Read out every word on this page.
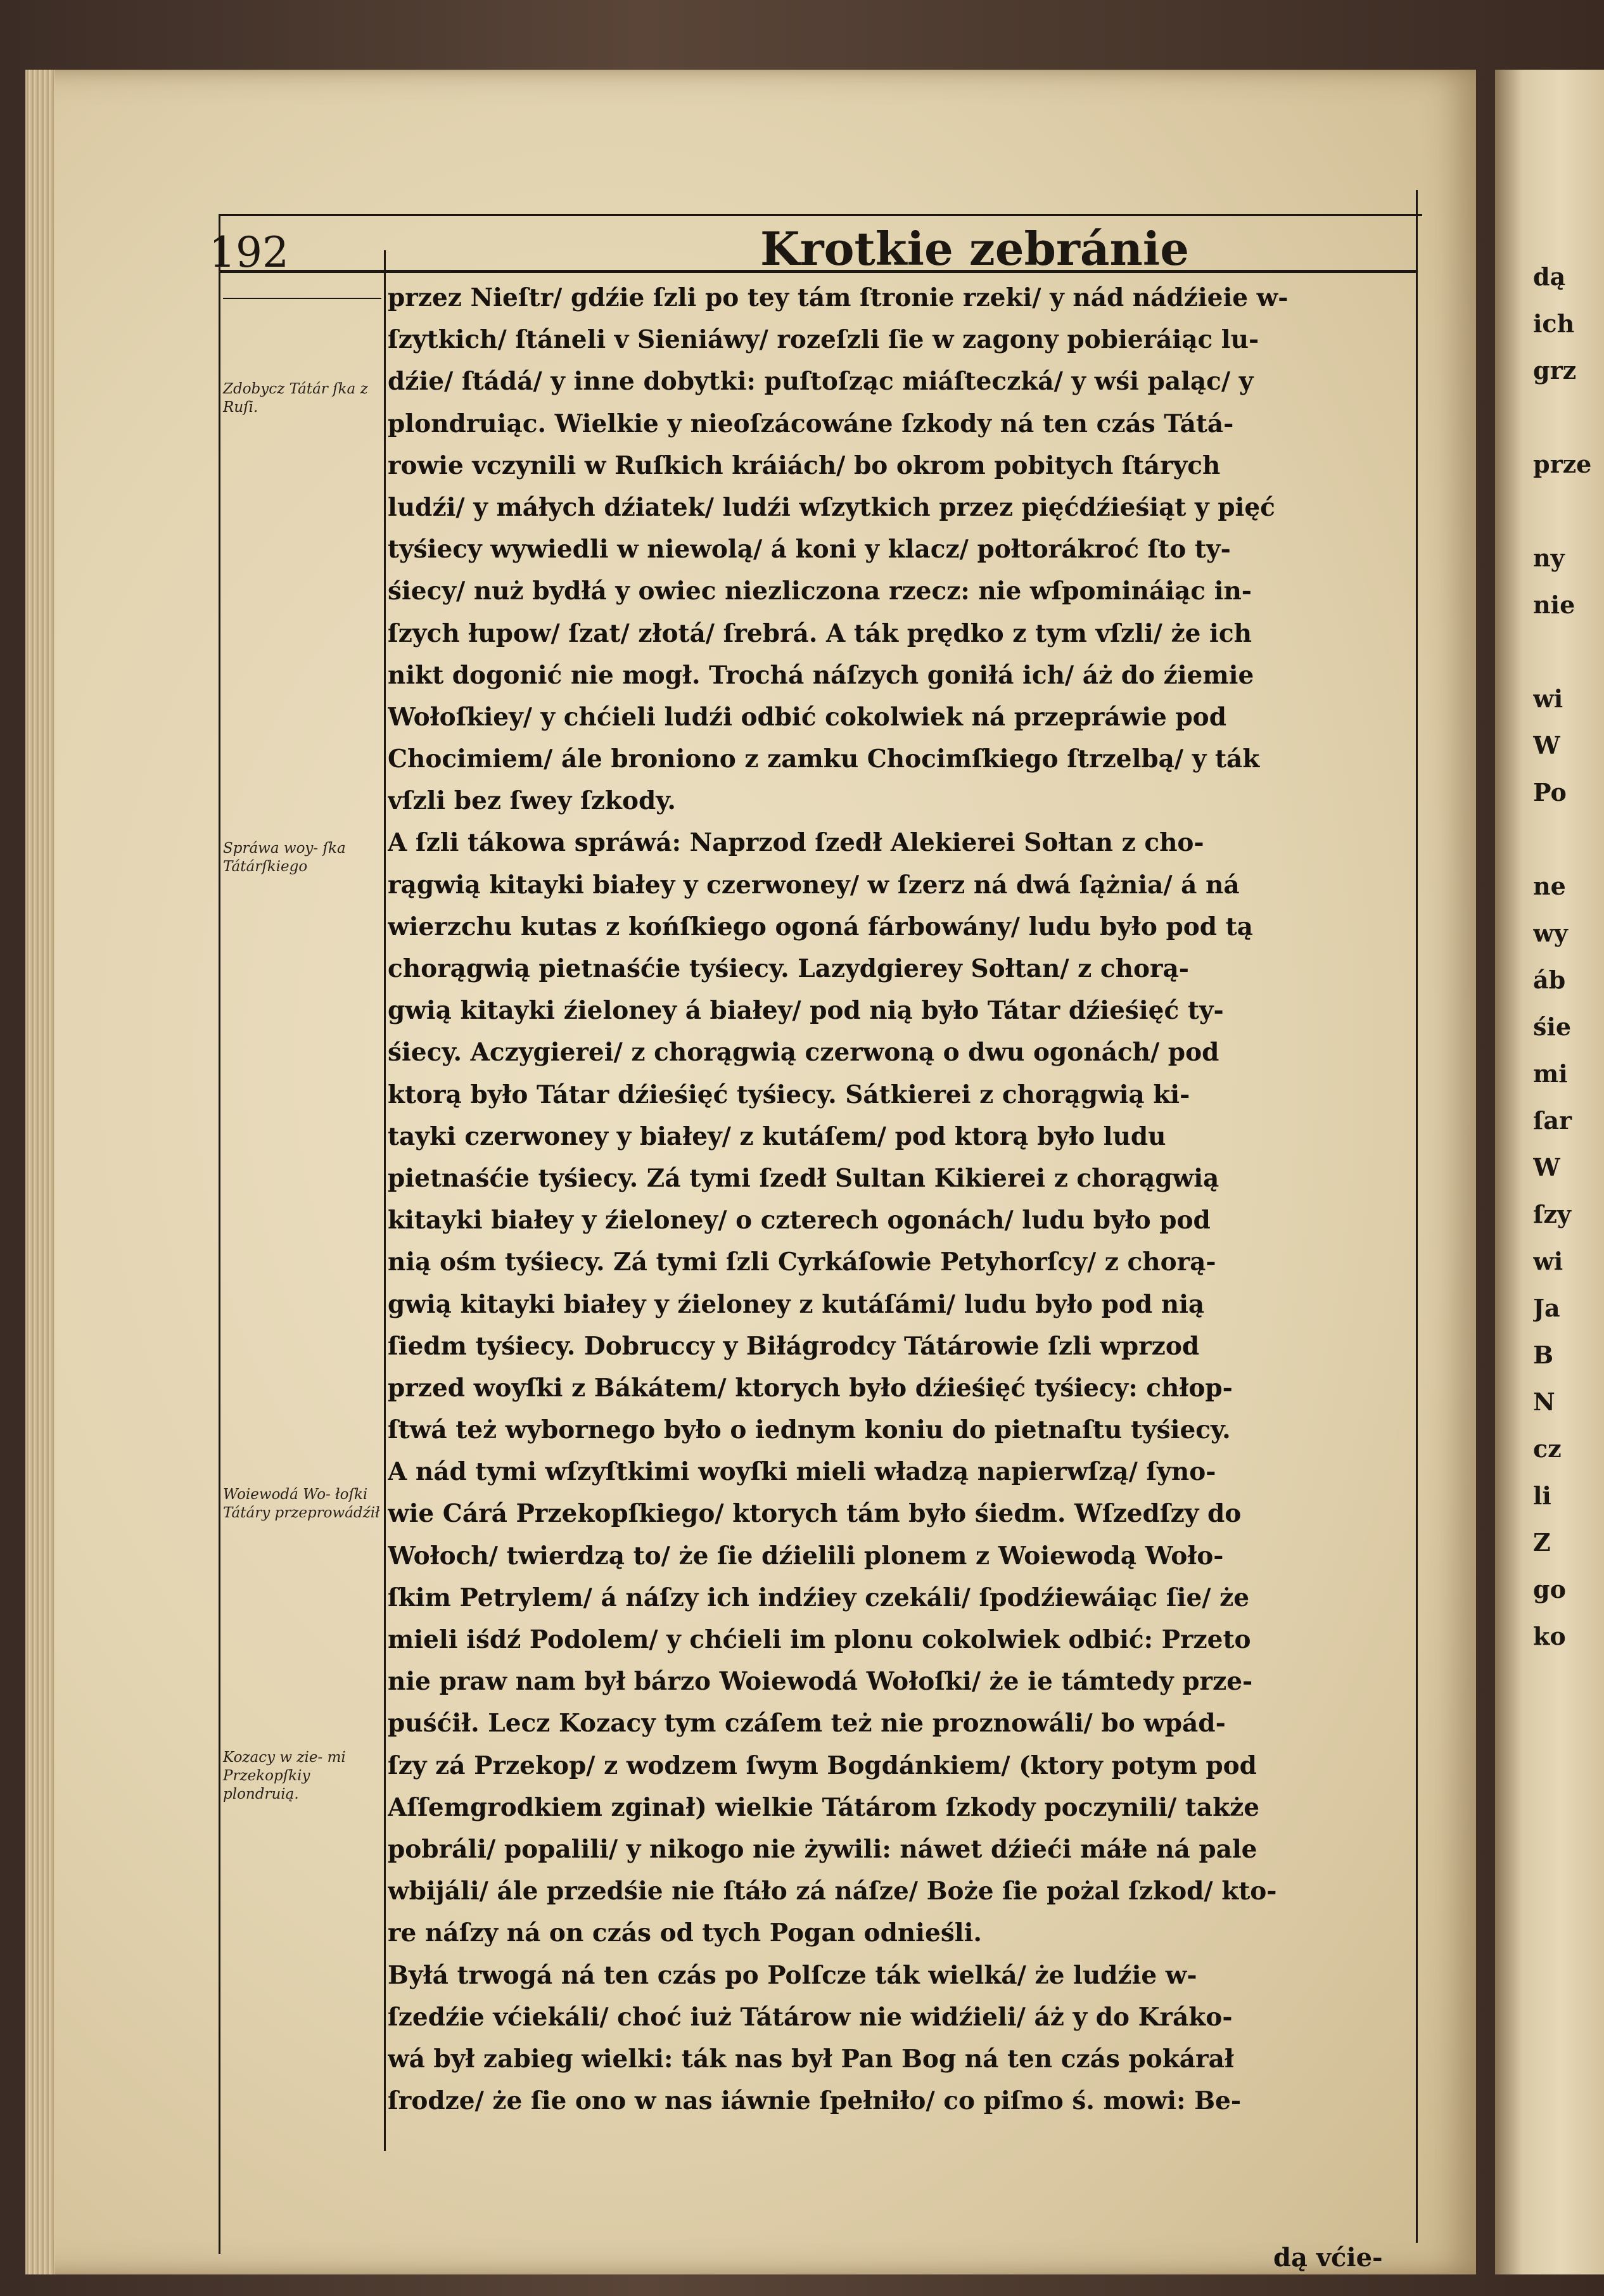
dą
ich
grz
prze
ny
nie
wi
W
Po
ne
wy
áb
śie
mi
ſar
W
ſzy
wi
Ja
B
N
cz
li
Z
go
ko
192	Krotkie zebránie
Zdobycz Tátár ſka z Ruſi.
Spráwa woy- ſka Tátárſkiego
Woiewodá Wo- łoſki Tátáry przeprowádźił
Kozacy w zie- mi Przekopſkiy plondruią.
przez Nieſtr/ gdźie ſzli po tey tám ſtronie rzeki/ y nád nádźieie w-
ſzytkich/ ſtáneli v Sieniáwy/ rozeſzli ſie w zagony pobieráiąc lu-
dźie/ ſtádá/ y inne dobytki: puſtoſząc miáſteczká/ y wśi paląc/ y
plondruiąc. Wielkie y nieoſzácowáne ſzkody ná ten czás Tátá-
rowie vczynili w Ruſkich kráiách/ bo okrom pobitych ſtárych
ludźi/ y máłych dźiatek/ ludźi wſzytkich przez pięćdźieśiąt y pięć
tyśiecy wywiedli w niewolą/ á koni y klacz/ połtorákroć ſto ty-
śiecy/ nuż bydłá y owiec niezliczona rzecz: nie wſpomináiąc in-
ſzych łupow/ ſzat/ złotá/ ſrebrá. A ták prędko z tym vſzli/ że ich
nikt dogonić nie mogł. Trochá náſzych goniłá ich/ áż do źiemie
Wołoſkiey/ y chćieli ludźi odbić cokolwiek ná przepráwie pod
Chocimiem/ ále broniono z zamku Chocimſkiego ſtrzelbą/ y ták
vſzli bez ſwey ſzkody.
A ſzli tákowa spráwá: Naprzod ſzedł Alekierei Sołtan z cho-
rągwią kitayki białey y czerwoney/ w ſzerz ná dwá ſążnia/ á ná
wierzchu kutas z końſkiego ogoná fárbowány/ ludu było pod tą
chorągwią pietnaśćie tyśiecy. Lazydgierey Sołtan/ z chorą-
gwią kitayki źieloney á białey/ pod nią było Tátar dźieśięć ty-
śiecy. Aczygierei/ z chorągwią czerwoną o dwu ogonách/ pod
ktorą było Tátar dźieśięć tyśiecy. Sátkierei z chorągwią ki-
tayki czerwoney y białey/ z kutáſem/ pod ktorą było ludu
pietnaśćie tyśiecy. Zá tymi ſzedł Sultan Kikierei z chorągwią
kitayki białey y źieloney/ o czterech ogonách/ ludu było pod
nią ośm tyśiecy. Zá tymi ſzli Cyrkáſowie Petyhorſcy/ z chorą-
gwią kitayki białey y źieloney z kutáſámi/ ludu było pod nią
ſiedm tyśiecy. Dobruccy y Biłágrodcy Tátárowie ſzli wprzod
przed woyſki z Bákátem/ ktorych było dźieśięć tyśiecy: chłop-
ſtwá też wybornego było o iednym koniu do pietnaſtu tyśiecy.
A nád tymi wſzyſtkimi woyſki mieli władzą napierwſzą/ ſyno-
wie Cárá Przekopſkiego/ ktorych tám było śiedm. Wſzedſzy do
Wołoch/ twierdzą to/ że ſie dźielili plonem z Woiewodą Woło-
ſkim Petrylem/ á náſzy ich indźiey czekáli/ ſpodźiewáiąc ſie/ że
mieli iśdź Podolem/ y chćieli im plonu cokolwiek odbić: Przeto
nie praw nam był bárzo Woiewodá Wołoſki/ że ie támtedy prze-
puśćił. Lecz Kozacy tym czáſem też nie proznowáli/ bo wpád-
ſzy zá Przekop/ z wodzem ſwym Bogdánkiem/ (ktory potym pod
Aſſemgrodkiem zginał) wielkie Tátárom ſzkody poczynili/ także
pobráli/ popalili/ y nikogo nie żywili: náwet dźieći máłe ná pale
wbijáli/ ále przedśie nie ſtáło zá náſze/ Boże ſie pożal ſzkod/ kto-
re náſzy ná on czás od tych Pogan odnieśli.
Byłá trwogá ná ten czás po Polſcze ták wielká/ że ludźie w-
ſzedźie vćiekáli/ choć iuż Tátárow nie widźieli/ áż y do Kráko-
wá był zabieg wielki: ták nas był Pan Bog ná ten czás pokárał
ſrodze/ że ſie ono w nas iáwnie ſpełniło/ co piſmo ś. mowi: Be-
dą vćie-
